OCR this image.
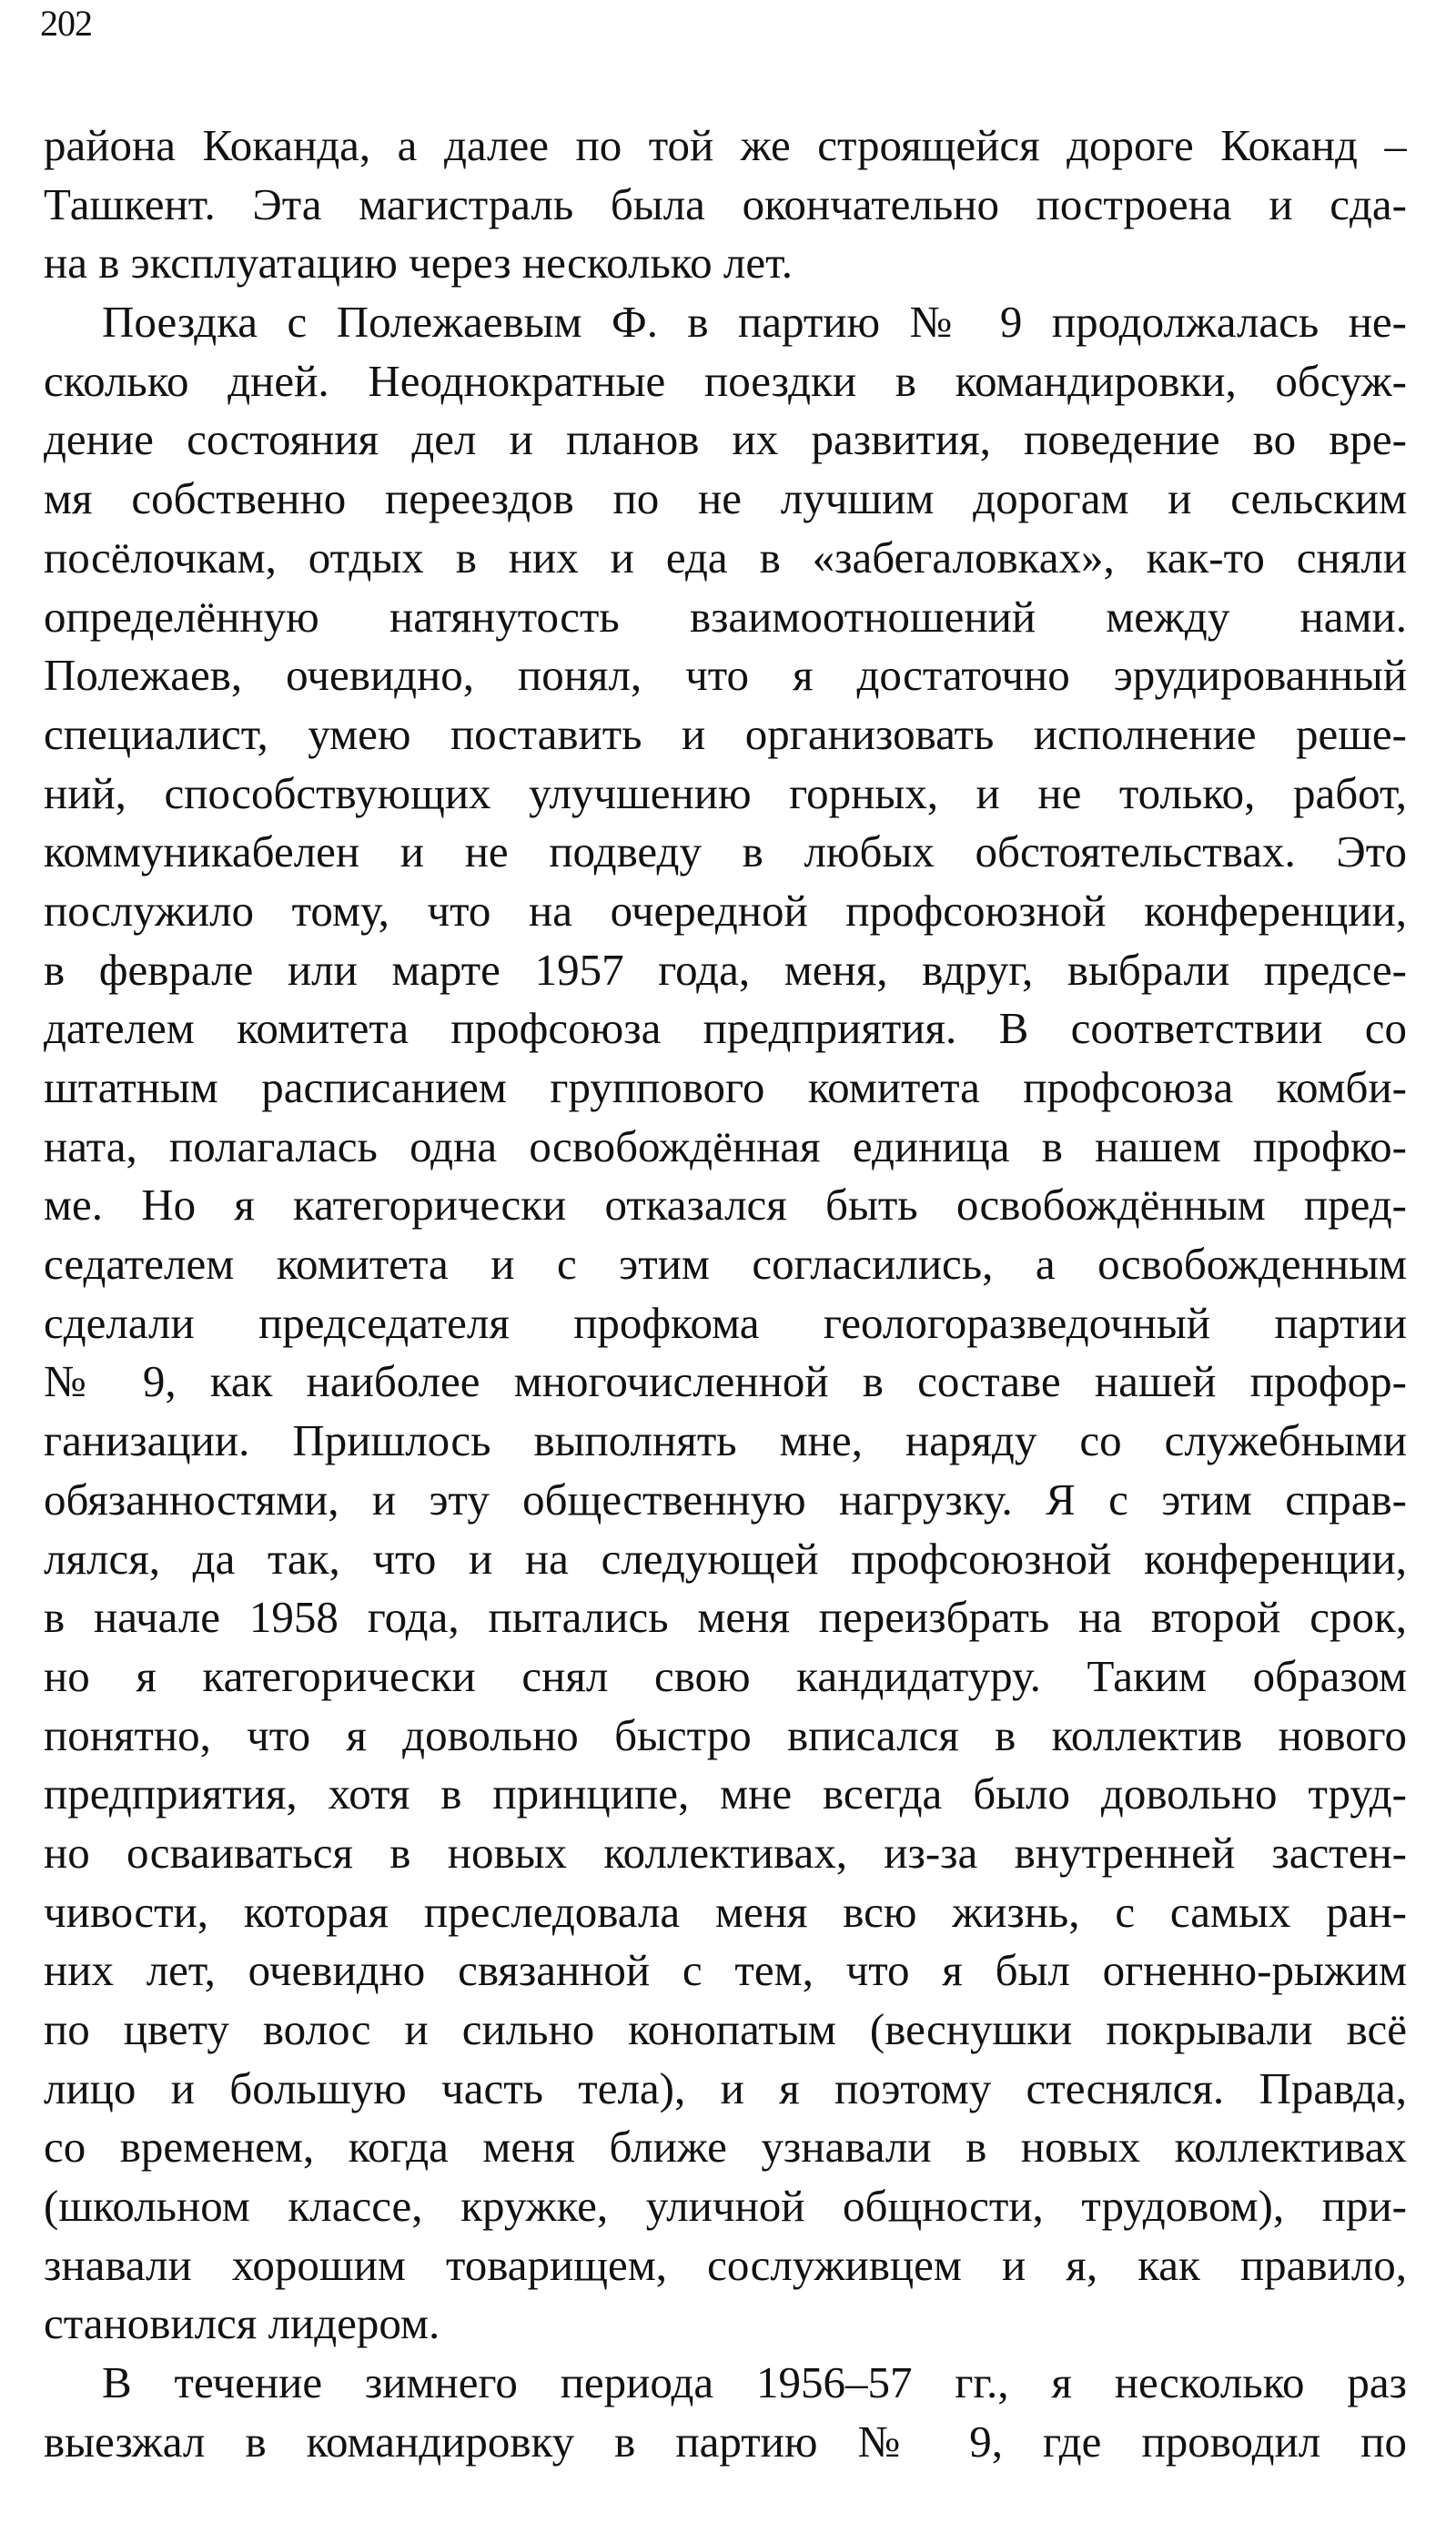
202
района Коканда, а далее по той же строящейся дороге Коканд –
Ташкент. Эта магистраль была окончательно построена и сда-
на в эксплуатацию через несколько лет.
Поездка с Полежаевым Ф. в партию № 9 продолжалась не-
сколько дней. Неоднократные поездки в командировки, обсуж-
дение состояния дел и планов их развития, поведение во вре-
мя собственно переездов по не лучшим дорогам и сельским
посёлочкам, отдых в них и еда в «забегаловках», как-то сняли
определённую натянутость взаимоотношений между нами.
Полежаев, очевидно, понял, что я достаточно эрудированный
специалист, умею поставить и организовать исполнение реше-
ний, способствующих улучшению горных, и не только, работ,
коммуникабелен и не подведу в любых обстоятельствах. Это
послужило тому, что на очередной профсоюзной конференции,
в феврале или марте 1957 года, меня, вдруг, выбрали предсе-
дателем комитета профсоюза предприятия. В соответствии со
штатным расписанием группового комитета профсоюза комби-
ната, полагалась одна освобождённая единица в нашем профко-
ме. Но я категорически отказался быть освобождённым пред-
седателем комитета и с этим согласились, а освобожденным
сделали председателя профкома геологоразведочный партии
№ 9, как наиболее многочисленной в составе нашей профор-
ганизации. Пришлось выполнять мне, наряду со служебными
обязанностями, и эту общественную нагрузку. Я с этим справ-
лялся, да так, что и на следующей профсоюзной конференции,
в начале 1958 года, пытались меня переизбрать на второй срок,
но я категорически снял свою кандидатуру. Таким образом
понятно, что я довольно быстро вписался в коллектив нового
предприятия, хотя в принципе, мне всегда было довольно труд-
но осваиваться в новых коллективах, из-за внутренней застен-
чивости, которая преследовала меня всю жизнь, с самых ран-
них лет, очевидно связанной с тем, что я был огненно-рыжим
по цвету волос и сильно конопатым (веснушки покрывали всё
лицо и большую часть тела), и я поэтому стеснялся. Правда,
со временем, когда меня ближе узнавали в новых коллективах
(школьном классе, кружке, уличной общности, трудовом), при-
знавали хорошим товарищем, сослуживцем и я, как правило,
становился лидером.
В течение зимнего периода 1956–57 гг., я несколько раз
выезжал в командировку в партию № 9, где проводил по
